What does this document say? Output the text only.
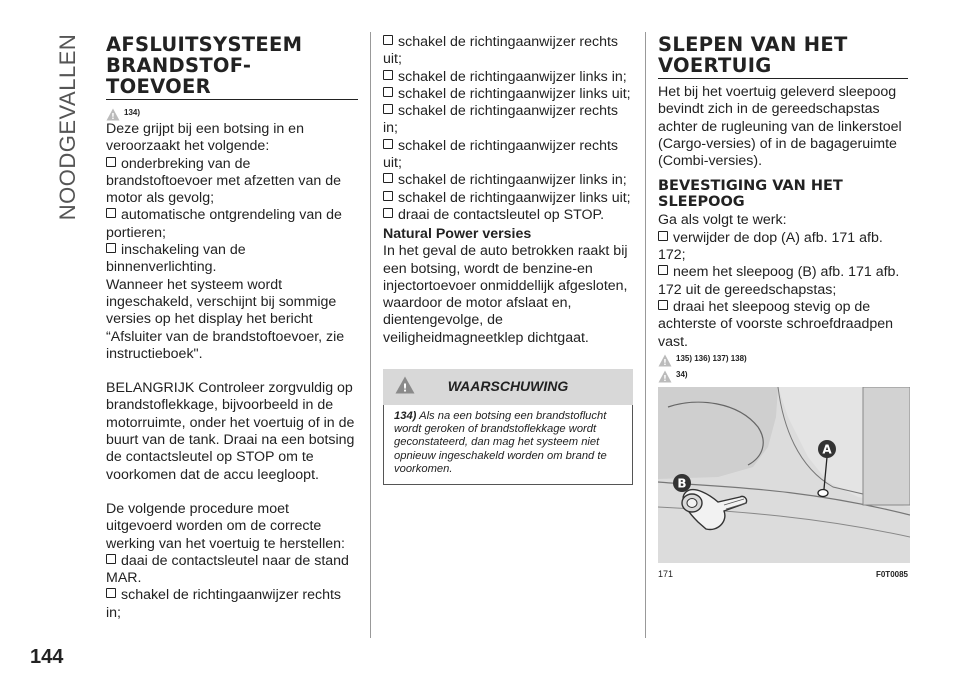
NOODGEVALLEN
144
AFSLUITSYSTEEM
BRANDSTOF-
TOEVOER
! 134)

Deze grijpt bij een botsing in en veroorzaakt het volgende:

onderbreking van de brandstoftoevoer met afzetten van de motor als gevolg;

automatische ontgrendeling van de portieren;

inschakeling van de binnenverlichting.

Wanneer het systeem wordt ingeschakeld, verschijnt bij sommige versies op het display het bericht “Afsluiter van de brandstoftoevoer, zie instructieboek".

BELANGRIJK Controleer zorgvuldig op brandstoflekkage, bijvoorbeeld in de motorruimte, onder het voertuig of in de buurt van de tank. Draai na een botsing de contactsleutel op STOP om te voorkomen dat de accu leegloopt.

De volgende procedure moet uitgevoerd worden om de correcte werking van het voertuig te herstellen:

daai de contactsleutel naar de stand MAR.

schakel de richtingaanwijzer rechts in;

schakel de richtingaanwijzer rechts uit;

schakel de richtingaanwijzer links in;

schakel de richtingaanwijzer links uit;

schakel de richtingaanwijzer rechts in;

schakel de richtingaanwijzer rechts uit;

schakel de richtingaanwijzer links in;

schakel de richtingaanwijzer links uit;

draai de contactsleutel op STOP.

Natural Power versies

In het geval de auto betrokken raakt bij een botsing, wordt de benzine-en injectortoevoer onmiddellijk afgesloten, waardoor de motor afslaat en, dientengevolge, de veiligheidmagneetklep dichtgaat.

!	WAARSCHUWING
134) Als na een botsing een brandstoflucht wordt geroken of brandstoflekkage wordt geconstateerd, dan mag het systeem niet opnieuw ingeschakeld worden om brand te voorkomen.
SLEPEN VAN HET
VOERTUIG

Het bij het voertuig geleverd sleepoog bevindt zich in de gereedschapstas achter de rugleuning van de linkerstoel (Cargo-versies) of in de bagageruimte (Combi-versies).

BEVESTIGING VAN HET
SLEEPOOG

Ga als volgt te werk:

verwijder de dop (A) afb. 171 afb. 172;

neem het sleepoog (B) afb. 171 afb. 172 uit de gereedschapstas;

draai het sleepoog stevig op de achterste of voorste schroefdraadpen vast.

! 135) 136) 137) 138)
! 34)
A
B
171	F0T0085
